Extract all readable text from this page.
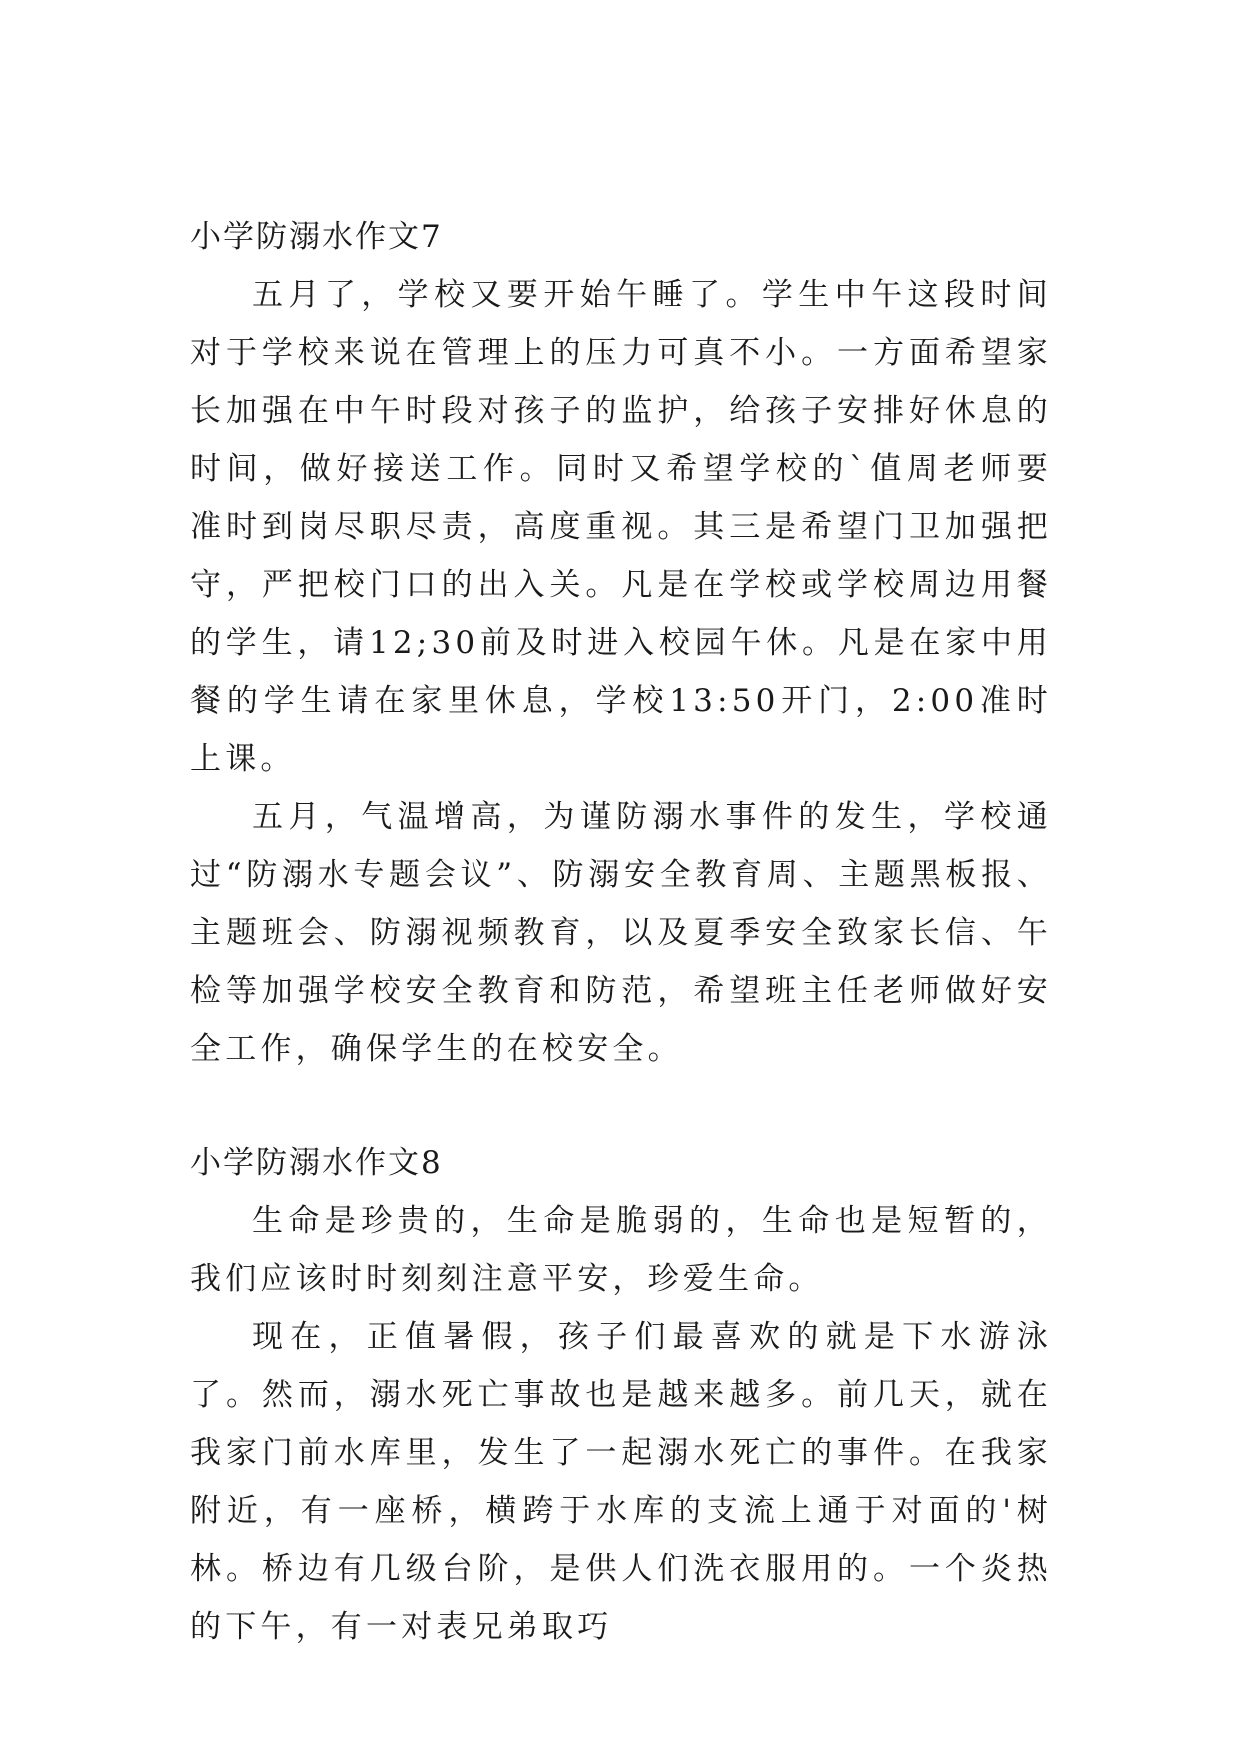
小学防溺水作文7

五月了，学校又要开始午睡了。学生中午这段时间对于学校来说在管理上的压力可真不小。一方面希望家长加强在中午时段对孩子的监护，给孩子安排好休息的时间，做好接送工作。同时又希望学校的`值周老师要准时到岗尽职尽责，高度重视。其三是希望门卫加强把守，严把校门口的出入关。凡是在学校或学校周边用餐的学生，请12;30前及时进入校园午休。凡是在家中用餐的学生请在家里休息，学校13:50开门，2:00准时上课。

五月，气温增高，为谨防溺水事件的发生，学校通过“防溺水专题会议”、防溺安全教育周、主题黑板报、主题班会、防溺视频教育，以及夏季安全致家长信、午检等加强学校安全教育和防范，希望班主任老师做好安全工作，确保学生的在校安全。

小学防溺水作文8

生命是珍贵的，生命是脆弱的，生命也是短暂的，我们应该时时刻刻注意平安，珍爱生命。

现在，正值暑假，孩子们最喜欢的就是下水游泳了。然而，溺水死亡事故也是越来越多。前几天，就在我家门前水库里，发生了一起溺水死亡的事件。在我家附近，有一座桥，横跨于水库的支流上通于对面的'树林。桥边有几级台阶，是供人们洗衣服用的。一个炎热的下午，有一对表兄弟取巧
